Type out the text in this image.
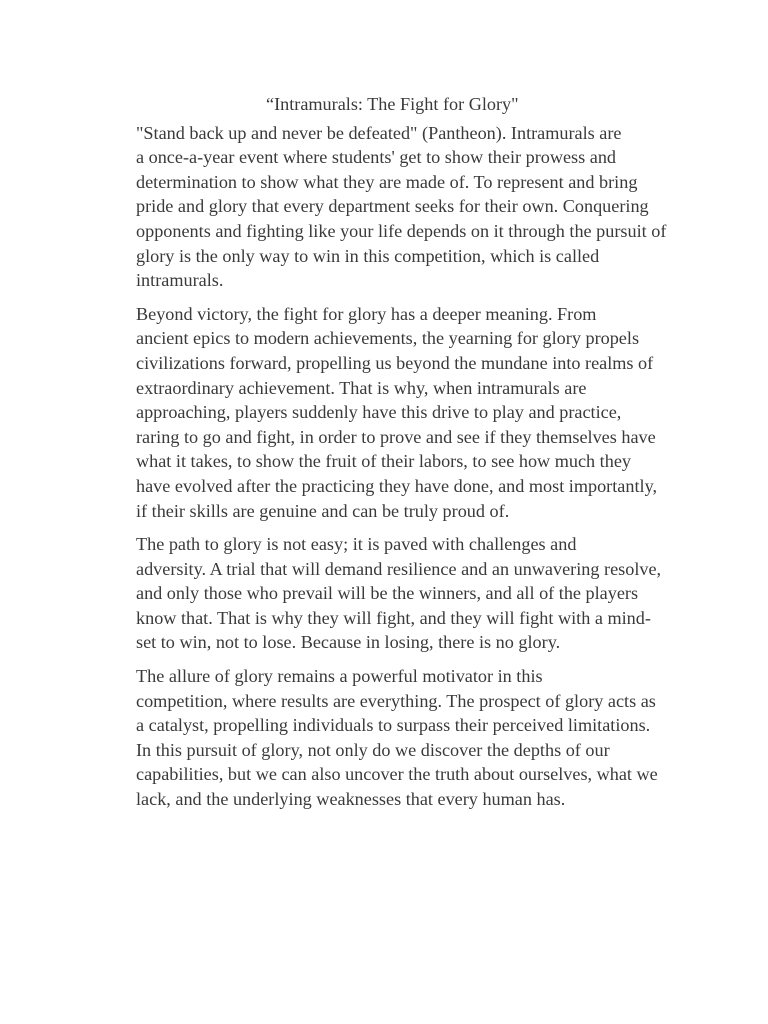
“Intramurals: The Fight for Glory"
"Stand back up and never be defeated" (Pantheon). Intramurals are
a once-a-year event where students' get to show their prowess and
determination to show what they are made of. To represent and bring
pride and glory that every department seeks for their own. Conquering
opponents and fighting like your life depends on it through the pursuit of
glory is the only way to win in this competition, which is called
intramurals.
Beyond victory, the fight for glory has a deeper meaning. From
ancient epics to modern achievements, the yearning for glory propels
civilizations forward, propelling us beyond the mundane into realms of
extraordinary achievement. That is why, when intramurals are
approaching, players suddenly have this drive to play and practice,
raring to go and fight, in order to prove and see if they themselves have
what it takes, to show the fruit of their labors, to see how much they
have evolved after the practicing they have done, and most importantly,
if their skills are genuine and can be truly proud of.
The path to glory is not easy; it is paved with challenges and
adversity. A trial that will demand resilience and an unwavering resolve,
and only those who prevail will be the winners, and all of the players
know that. That is why they will fight, and they will fight with a mind-
set to win, not to lose. Because in losing, there is no glory.
The allure of glory remains a powerful motivator in this
competition, where results are everything. The prospect of glory acts as
a catalyst, propelling individuals to surpass their perceived limitations.
In this pursuit of glory, not only do we discover the depths of our
capabilities, but we can also uncover the truth about ourselves, what we
lack, and the underlying weaknesses that every human has.
